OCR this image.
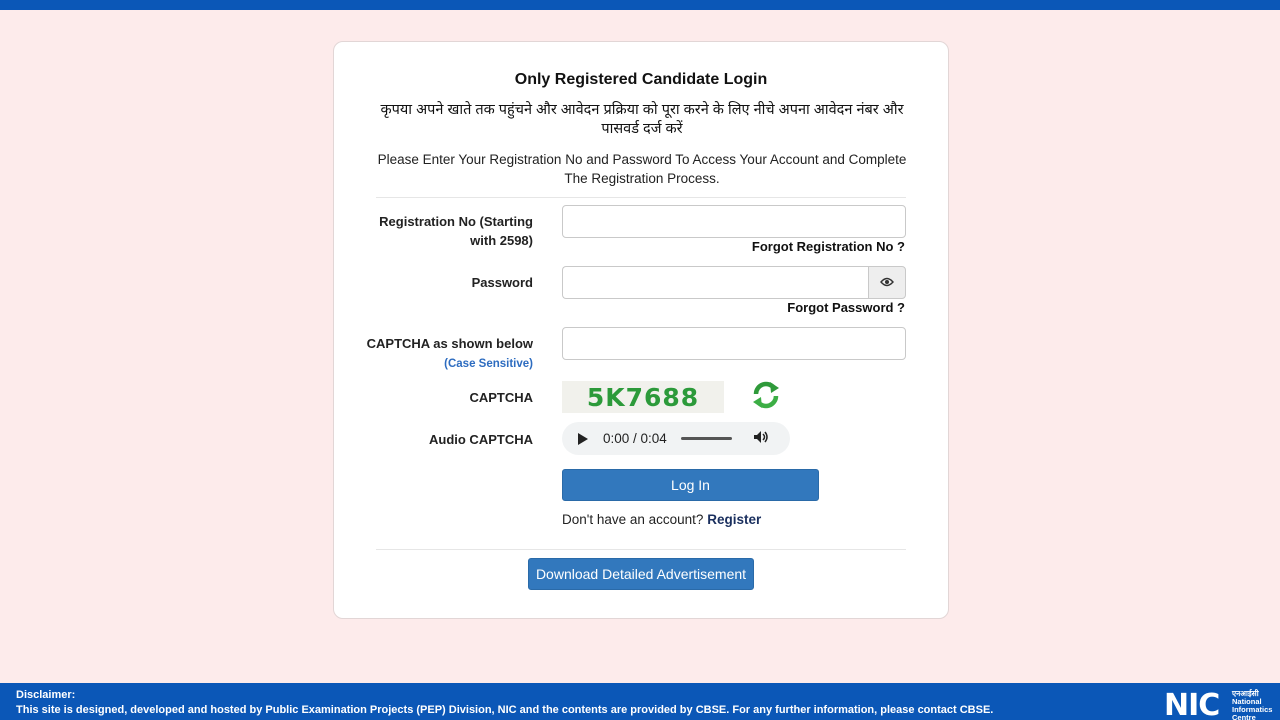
Only Registered Candidate Login
कृपया अपने खाते तक पहुंचने और आवेदन प्रक्रिया को पूरा करने के लिए नीचे अपना आवेदन नंबर और पासवर्ड दर्ज करें
Please Enter Your Registration No and Password To Access Your Account and Complete The Registration Process.
Registration No (Starting with 2598)	Forgot Registration No ?
Password
Forgot Password ?
CAPTCHA as shown below (Case Sensitive)
CAPTCHA 5K7688
Audio CAPTCHA	0:00 / 0:04
Log In
Don't have an account? Register
Download Detailed Advertisement
Disclaimer:
This site is designed, developed and hosted by Public Examination Projects (PEP) Division, NIC and the contents are provided by CBSE. For any further information, please contact CBSE.	NIC एनआईसी
National
Informatics
Centre
